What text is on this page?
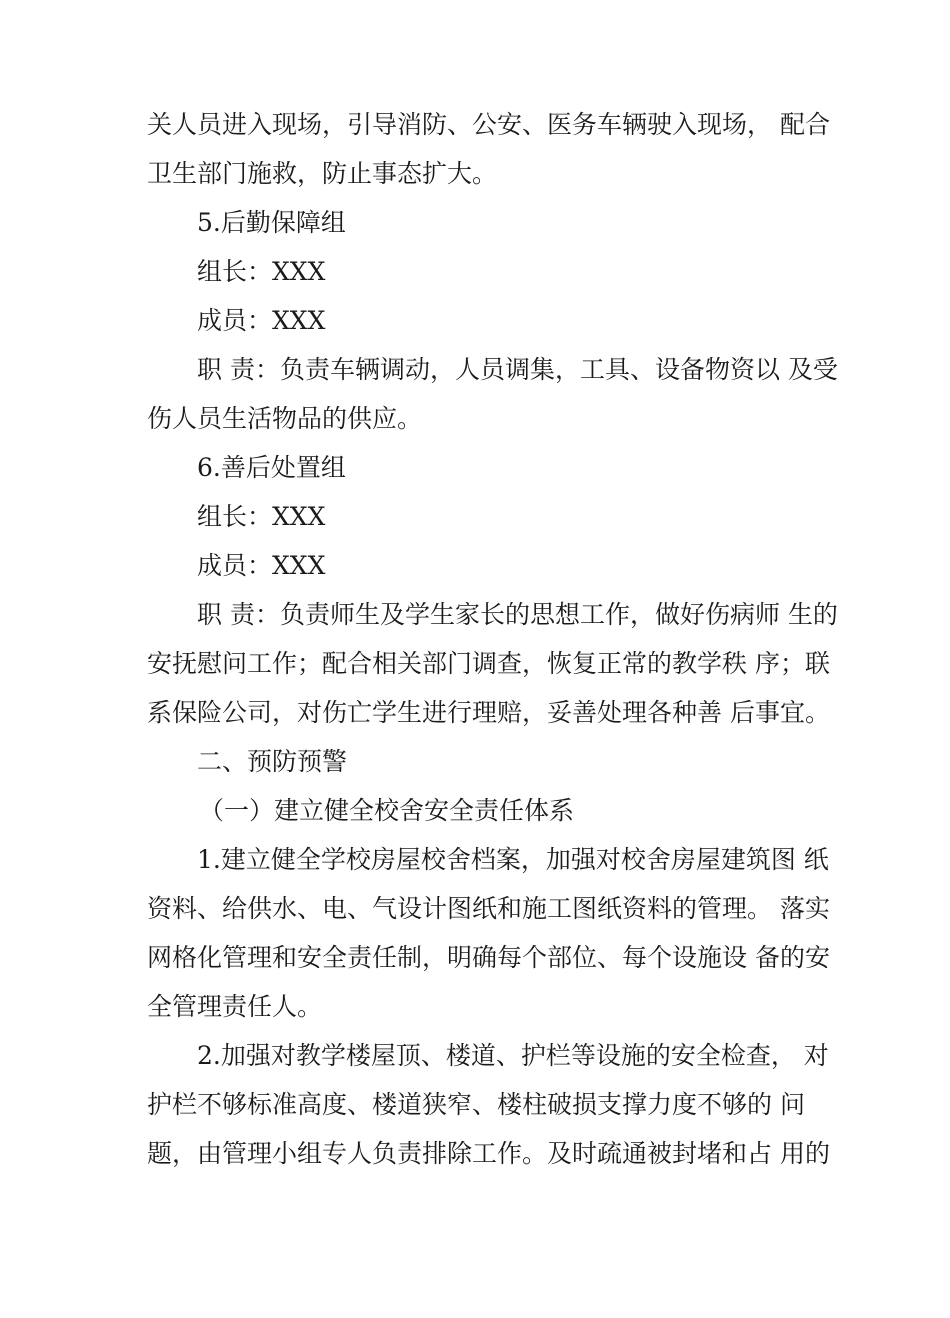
关人员进入现场，引导消防、公安、医务车辆驶入现场， 配合
卫生部门施救，防止事态扩大。
5.后勤保障组
组长：XXX
成员：XXX
职 责：负责车辆调动，人员调集，工具、设备物资以 及受
伤人员生活物品的供应。
6.善后处置组
组长：XXX
成员：XXX
职 责：负责师生及学生家长的思想工作，做好伤病师 生的
安抚慰问工作；配合相关部门调查，恢复正常的教学秩 序；联
系保险公司，对伤亡学生进行理赔，妥善处理各种善 后事宜。
二、预防预警
（一）建立健全校舍安全责任体系
1.建立健全学校房屋校舍档案，加强对校舍房屋建筑图 纸
资料、给供水、电、气设计图纸和施工图纸资料的管理。 落实
网格化管理和安全责任制，明确每个部位、每个设施设 备的安
全管理责任人。
2.加强对教学楼屋顶、楼道、护栏等设施的安全检查， 对
护栏不够标准高度、楼道狭窄、楼柱破损支撑力度不够的 问
题，由管理小组专人负责排除工作。及时疏通被封堵和占 用的
